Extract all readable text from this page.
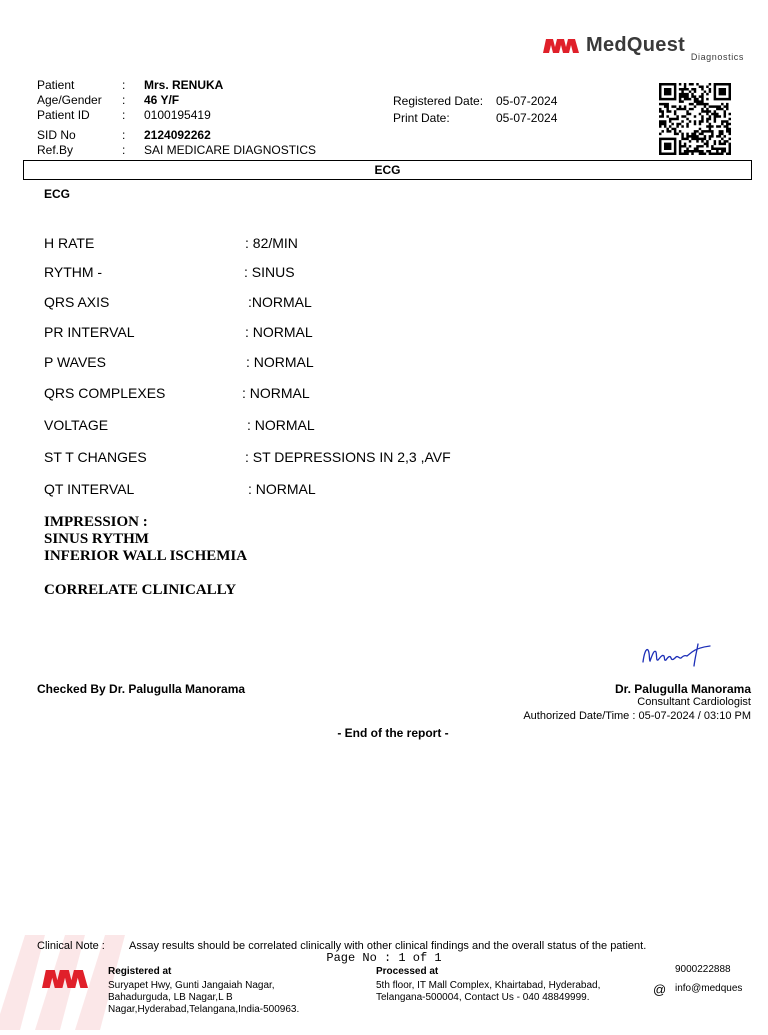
MedQuest
Diagnostics
Patient	: Mrs. RENUKA
Age/Gender : 46 Y/F
Patient ID	: 0100195419
SID No	: 2124092262
Ref.By	: SAI MEDICARE DIAGNOSTICS
Registered Date: 05-07-2024
Print Date:	05-07-2024
ECG
ECG
H RATE	: 82/MIN
RYTHM -	: SINUS
QRS AXIS	:NORMAL
PR INTERVAL	: NORMAL
P WAVES	: NORMAL
QRS COMPLEXES	: NORMAL
VOLTAGE	: NORMAL
ST T CHANGES	: ST DEPRESSIONS IN 2,3 ,AVF
QT INTERVAL	: NORMAL
IMPRESSION :
SINUS RYTHM
INFERIOR WALL ISCHEMIA
CORRELATE CLINICALLY
Checked By Dr. Palugulla Manorama	Dr. Palugulla Manorama
Consultant Cardiologist
Authorized Date/Time : 05-07-2024 / 03:10 PM
- End of the report -
Clinical Note : Assay results should be correlated clinically with other clinical findings and the overall status of the patient.
Page No : 1 of 1
Registered at
Suryapet Hwy, Gunti Jangaiah Nagar,
Bahadurguda, LB Nagar,L B
Nagar,Hyderabad,Telangana,India-500963.
Processed at
5th floor, IT Mall Complex, Khairtabad, Hyderabad,
Telangana-500004, Contact Us - 040 48849999.
9000222888
@ info@medques
